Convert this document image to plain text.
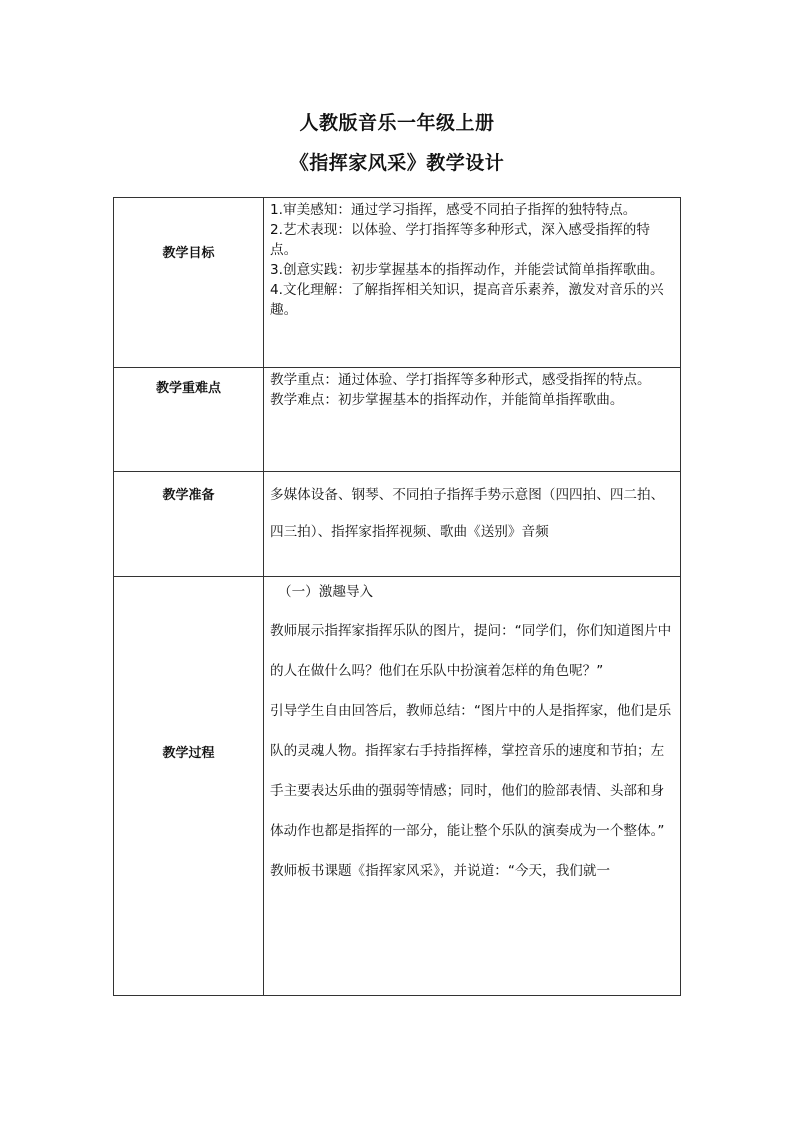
人教版音乐一年级上册
《指挥家风采》教学设计
教学目标	1.审美感知：通过学习指挥，感受不同拍子指挥的独特特点。
2.艺术表现：以体验、学打指挥等多种形式，深入感受指挥的特点。
3.创意实践：初步掌握基本的指挥动作，并能尝试简单指挥歌曲。
4.文化理解：了解指挥相关知识，提高音乐素养，激发对音乐的兴趣。

教学重难点	教学重点：通过体验、学打指挥等多种形式，感受指挥的特点。
教学难点：初步掌握基本的指挥动作，并能简单指挥歌曲。

教学准备	多媒体设备、钢琴、不同拍子指挥手势示意图（四四拍、四二拍、四三拍）、指挥家指挥视频、歌曲《送别》音频

教学过程	（一）激趣导入
教师展示指挥家指挥乐队的图片，提问：“同学们，你们知道图片中的人在做什么吗？他们在乐队中扮演着怎样的角色呢？”
引导学生自由回答后，教师总结：“图片中的人是指挥家，他们是乐队的灵魂人物。指挥家右手持指挥棒，掌控音乐的速度和节拍；左手主要表达乐曲的强弱等情感；同时，他们的脸部表情、头部和身体动作也都是指挥的一部分，能让整个乐队的演奏成为一个整体。”
教师板书课题《指挥家风采》，并说道：“今天，我们就一
